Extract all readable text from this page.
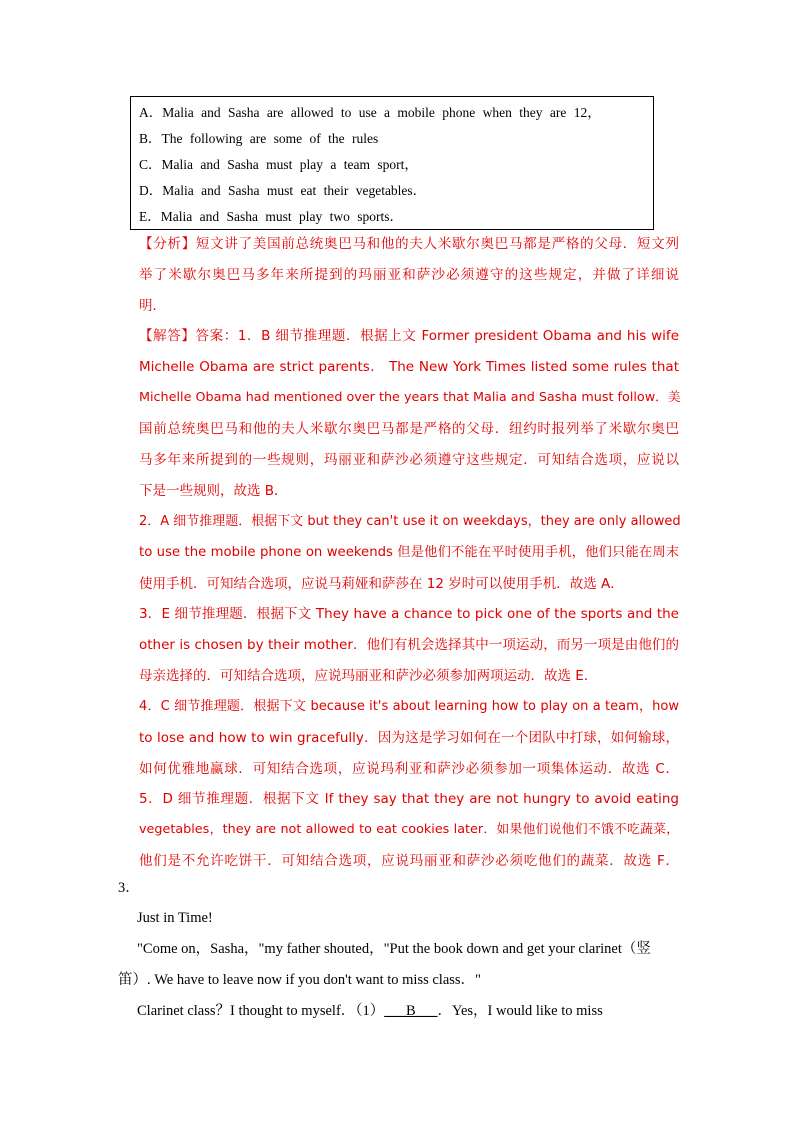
A．Malia and Sasha are allowed to use a mobile phone when they are 12，
B．The following are some of the rules
C．Malia and Sasha must play a team sport，
D．Malia and Sasha must eat their vegetables．
E．Malia and Sasha must play two sports．
【分析】短文讲了美国前总统奥巴马和他的夫人米歇尔奥巴马都是严格的父母．短文列
举了米歇尔奥巴马多年来所提到的玛丽亚和萨沙必须遵守的这些规定，并做了详细说
明．
【解答】答案：1．B 细节推理题．根据上文 Former president Obama and his wife
Michelle Obama are strict parents． The New York Times listed some rules that
Michelle Obama had mentioned over the years that Malia and Sasha must follow．美
国前总统奥巴马和他的夫人米歇尔奥巴马都是严格的父母．纽约时报列举了米歇尔奥巴
马多年来所提到的一些规则，玛丽亚和萨沙必须遵守这些规定．可知结合选项，应说以
下是一些规则，故选 B．
2．A 细节推理题．根据下文 but they can't use it on weekdays，they are only allowed
to use the mobile phone on weekends 但是他们不能在平时使用手机，他们只能在周末
使用手机．可知结合选项，应说马莉娅和萨莎在 12 岁时可以使用手机．故选 A．
3．E 细节推理题．根据下文 They have a chance to pick one of the sports and the
other is chosen by their mother．他们有机会选择其中一项运动，而另一项是由他们的
母亲选择的．可知结合选项，应说玛丽亚和萨沙必须参加两项运动．故选 E．
4．C 细节推理题．根据下文 because it's about learning how to play on a team，how
to lose and how to win gracefully．因为这是学习如何在一个团队中打球，如何输球，
如何优雅地赢球．可知结合选项，应说玛利亚和萨沙必须参加一项集体运动．故选 C．
5．D 细节推理题．根据下文 If they say that they are not hungry to avoid eating
vegetables，they are not allowed to eat cookies later．如果他们说他们不饿不吃蔬菜，
他们是不允许吃饼干．可知结合选项，应说玛丽亚和萨沙必须吃他们的蔬菜．故选 F．
3．
Just in Time!
"Come on，Sasha，"my father shouted，"Put the book down and get your clarinet（竖
笛）. We have to leave now if you don't want to miss class．"
Clarinet class？I thought to myself．（1）___B___．Yes，I would like to miss
